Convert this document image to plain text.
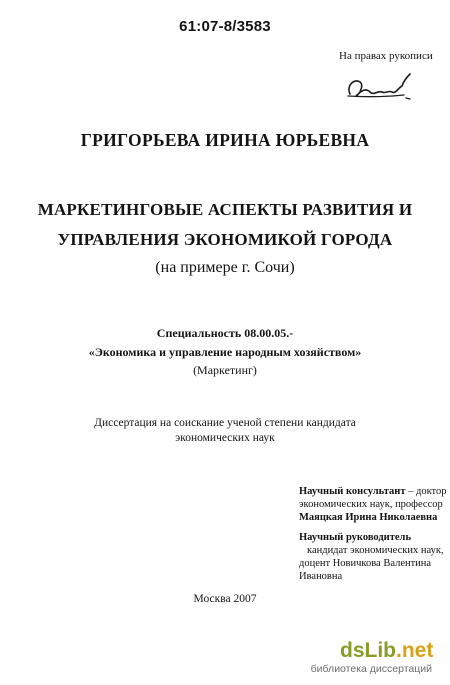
61:07-8/3583
На правах рукописи
ГРИГОРЬЕВА ИРИНА ЮРЬЕВНА
МАРКЕТИНГОВЫЕ АСПЕКТЫ РАЗВИТИЯ И
УПРАВЛЕНИЯ ЭКОНОМИКОЙ ГОРОДА
(на примере г. Сочи)
Специальность 08.00.05.-
«Экономика и управление народным хозяйством»
(Маркетинг)
Диссертация на соискание ученой степени кандидата
экономических наук
Научный консультант – доктор
экономических наук, профессор
Маяцкая Ирина Николаевна
Научный руководитель
кандидат экономических наук,
доцент Новичкова Валентина
Ивановна
Москва 2007
dsLib.net
библиотека диссертаций
